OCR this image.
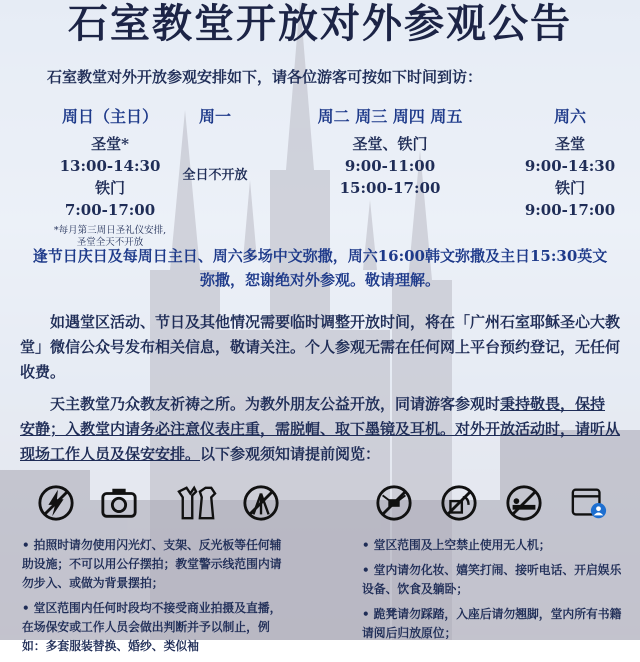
石室教堂开放对外参观公告
石室教堂对外开放参观安排如下，请各位游客可按如下时间到访：
周日（主日）
圣堂*
13:00-14:30
铁门
7:00-17:00
*每月第三周日圣礼仪安排,
圣堂全天不开放
周一
全日不开放
周二 周三 周四 周五
圣堂、铁门
9:00-11:00
15:00-17:00
周六
圣堂
9:00-14:30
铁门
9:00-17:00
逢节日庆日及每周日主日、周六多场中文弥撒，周六16:00韩文弥撒及主日15:30英文
弥撒，恕谢绝对外参观。敬请理解。
如遇堂区活动、节日及其他情况需要临时调整开放时间，将在「广州石室耶稣圣心大教堂」微信公众号发布相关信息，敬请关注。个人参观无需在任何网上平台预约登记，无任何收费。
天主教堂乃众教友祈祷之所。为教外朋友公益开放，同请游客参观时秉持敬畏，保持安静；入教堂内请务必注意仪表庄重，需脱帽、取下墨镜及耳机。对外开放活动时，请听从现场工作人员及保安安排。以下参观须知请提前阅览：

• 拍照时请勿使用闪光灯、支架、反光板等任何辅助设施；不可以用公仔摆拍；教堂警示线范围内请勿步入、或做为背景摆拍；

• 堂区范围内任何时段均不接受商业拍摄及直播，在场保安或工作人员会做出判断并予以制止，例如：多套服装替换、婚纱、类似袖

• 堂区范围及上空禁止使用无人机；

• 堂内请勿化妆、嬉笑打闹、接听电话、开启娱乐设备、饮食及躺卧；

• 跪凳请勿踩踏，入座后请勿翘脚，堂内所有书籍请阅后归放原位；
